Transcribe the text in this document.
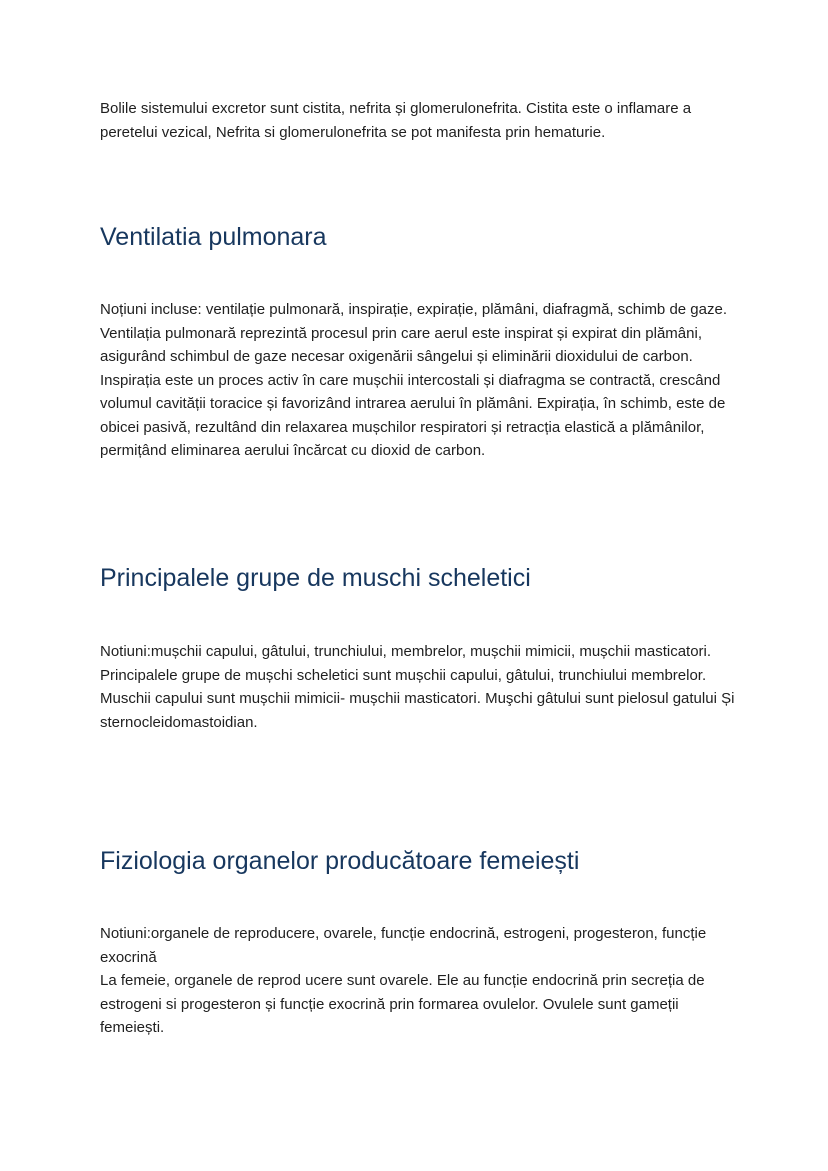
Bolile sistemului excretor sunt cistita, nefrita și glomerulonefrita. Cistita este o inflamare a peretelui vezical, Nefrita si glomerulonefrita se pot manifesta prin hematurie.

Ventilatia pulmonara

Noțiuni incluse: ventilație pulmonară, inspirație, expirație, plămâni, diafragmă, schimb de gaze.

Ventilația pulmonară reprezintă procesul prin care aerul este inspirat și expirat din plămâni, asigurând schimbul de gaze necesar oxigenării sângelui și eliminării dioxidului de carbon. Inspirația este un proces activ în care mușchii intercostali și diafragma se contractă, crescând volumul cavității toracice și favorizând intrarea aerului în plămâni. Expirația, în schimb, este de obicei pasivă, rezultând din relaxarea mușchilor respiratori și retracția elastică a plămânilor, permițând eliminarea aerului încărcat cu dioxid de carbon.

Principalele grupe de muschi scheletici

Notiuni:mușchii capului, gâtului, trunchiului, membrelor, mușchii mimicii, mușchii masticatori.

Principalele grupe de mușchi scheletici sunt mușchii capului, gâtului, trunchiului membrelor. Muschii capului sunt mușchii mimicii- mușchii masticatori. Muşchi gâtului sunt pielosul gatului Și sternocleidomastoidian.

Fiziologia organelor producătoare femeiești

Notiuni:organele de reproducere, ovarele, funcție endocrină, estrogeni, progesteron, funcție exocrină

La femeie, organele de reprod ucere sunt ovarele. Ele au funcție endocrină prin secreția de estrogeni si progesteron și funcție exocrină prin formarea ovulelor. Ovulele sunt gameții femeiești.
